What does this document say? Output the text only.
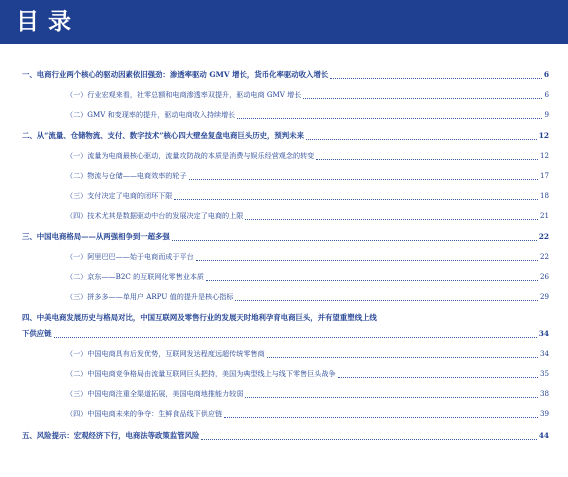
目录
一、电商行业两个核心的驱动因素依旧强劲：渗透率驱动 GMV 增长，货币化率驱动收入增长	6
（一）行业宏观来看，社零总额和电商渗透率双提升，驱动电商 GMV 增长	6
（二）GMV 和变现率的提升，驱动电商收入持续增长	9
二、从“流量、仓储物流、支付、数字技术”核心四大壁垒复盘电商巨头历史，预判未来	12
（一）流量为电商最核心驱动，流量攻防战的本质是消费与娱乐经营观念的转变	12
（二）物流与仓储——电商效率的轮子	17
（三）支付决定了电商的闭环下限	18
（四）技术尤其是数据驱动中台的发展决定了电商的上限	21
三、中国电商格局——从两强相争到一超多强	22
（一）阿里巴巴——始于电商而成于平台	22
（二）京东——B2C 的互联网化零售业本质	26
（三）拼多多——单用户 ARPU 值的提升是核心指标	29
四、中美电商发展历史与格局对比，中国互联网及零售行业的发展天时地利孕育电商巨头，并有望重塑线上线
下供应链	34
（一）中国电商具有后发优势，互联网发达程度远超传统零售商	34
（二）中国电商竞争格局由流量互联网巨头把持，美国为典型线上与线下零售巨头战争	35
（三）中国电商注重全渠道拓展，美国电商地推能力较弱	38
（四）中国电商未来的争夺：生鲜食品线下供应链	39
五、风险提示：宏观经济下行，电商法等政策监管风险	44
